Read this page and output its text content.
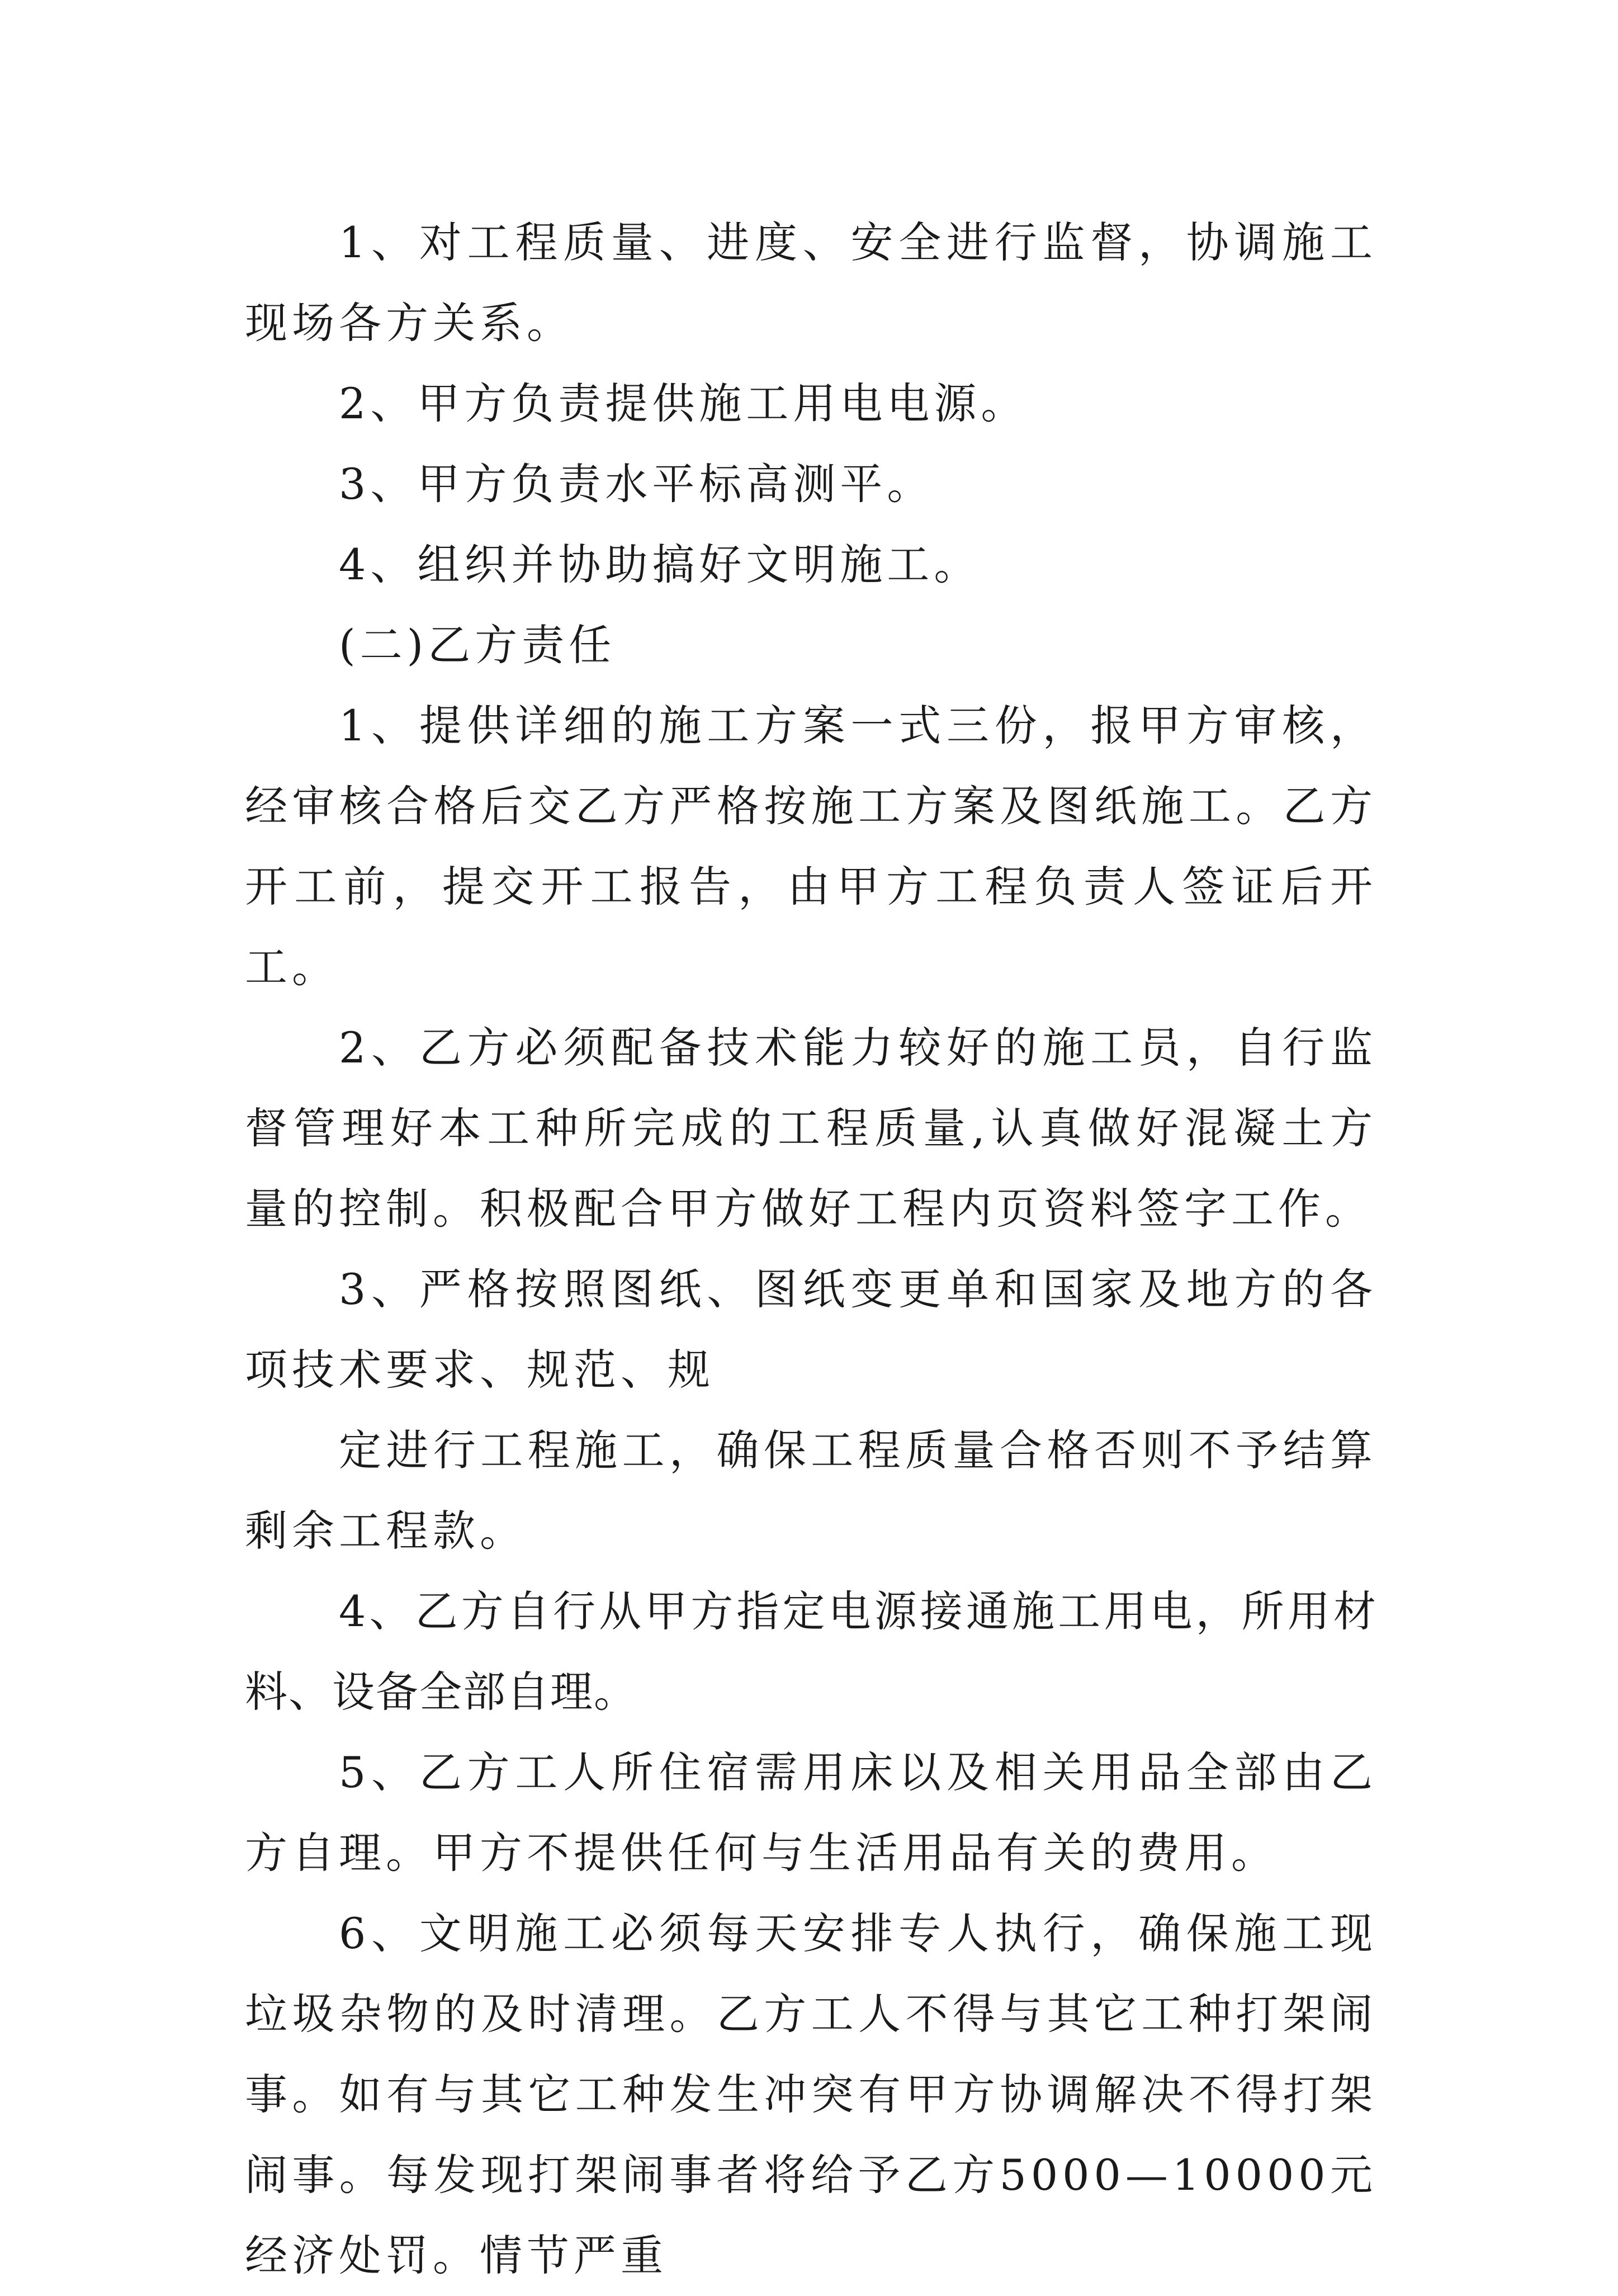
1、对工程质量、进度、安全进行监督，协调施工现场各方关系。

2、甲方负责提供施工用电电源。

3、甲方负责水平标高测平。

4、组织并协助搞好文明施工。

(二)乙方责任

1、提供详细的施工方案一式三份，报甲方审核，经审核合格后交乙方严格按施工方案及图纸施工。乙方开工前，提交开工报告，由甲方工程负责人签证后开工。

2、乙方必须配备技术能力较好的施工员，自行监督管理好本工种所完成的工程质量,认真做好混凝土方量的控制。积极配合甲方做好工程内页资料签字工作。

3、严格按照图纸、图纸变更单和国家及地方的各项技术要求、规范、规

定进行工程施工，确保工程质量合格否则不予结算剩余工程款。

4、乙方自行从甲方指定电源接通施工用电，所用材料、设备全部自理。

5、乙方工人所住宿需用床以及相关用品全部由乙方自理。甲方不提供任何与生活用品有关的费用。

6、文明施工必须每天安排专人执行，确保施工现垃圾杂物的及时清理。乙方工人不得与其它工种打架闹事。如有与其它工种发生冲突有甲方协调解决不得打架闹事。每发现打架闹事者将给予乙方5000—10000元经济处罚。情节严重
